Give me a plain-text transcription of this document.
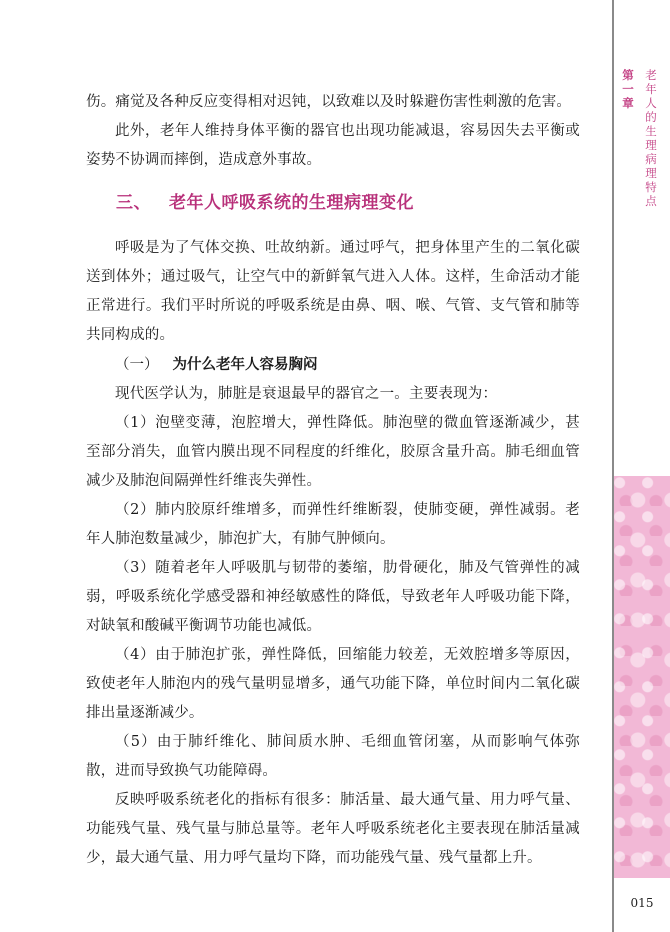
伤。痛觉及各种反应变得相对迟钝，以致难以及时躲避伤害性刺激的危害。

此外，老年人维持身体平衡的器官也出现功能减退，容易因失去平衡或姿势不协调而摔倒，造成意外事故。

三、 老年人呼吸系统的生理病理变化

呼吸是为了气体交换、吐故纳新。通过呼气，把身体里产生的二氧化碳送到体外；通过吸气，让空气中的新鲜氧气进入人体。这样，生命活动才能正常进行。我们平时所说的呼吸系统是由鼻、咽、喉、气管、支气管和肺等共同构成的。

（一） 为什么老年人容易胸闷

现代医学认为，肺脏是衰退最早的器官之一。主要表现为：

（1）泡壁变薄，泡腔增大，弹性降低。肺泡壁的微血管逐渐减少，甚至部分消失，血管内膜出现不同程度的纤维化，胶原含量升高。肺毛细血管减少及肺泡间隔弹性纤维丧失弹性。

（2）肺内胶原纤维增多，而弹性纤维断裂，使肺变硬，弹性减弱。老年人肺泡数量减少，肺泡扩大，有肺气肿倾向。

（3）随着老年人呼吸肌与韧带的萎缩，肋骨硬化，肺及气管弹性的减弱，呼吸系统化学感受器和神经敏感性的降低，导致老年人呼吸功能下降，对缺氧和酸碱平衡调节功能也减低。

（4）由于肺泡扩张，弹性降低，回缩能力较差，无效腔增多等原因，致使老年人肺泡内的残气量明显增多，通气功能下降，单位时间内二氧化碳排出量逐渐减少。

（5）由于肺纤维化、肺间质水肿、毛细血管闭塞，从而影响气体弥散，进而导致换气功能障碍。

反映呼吸系统老化的指标有很多：肺活量、最大通气量、用力呼气量、功能残气量、残气量与肺总量等。老年人呼吸系统老化主要表现在肺活量减少，最大通气量、用力呼气量均下降，而功能残气量、残气量都上升。

第
一
章
老
年
人
的
生
理
病
理
特
点
015
